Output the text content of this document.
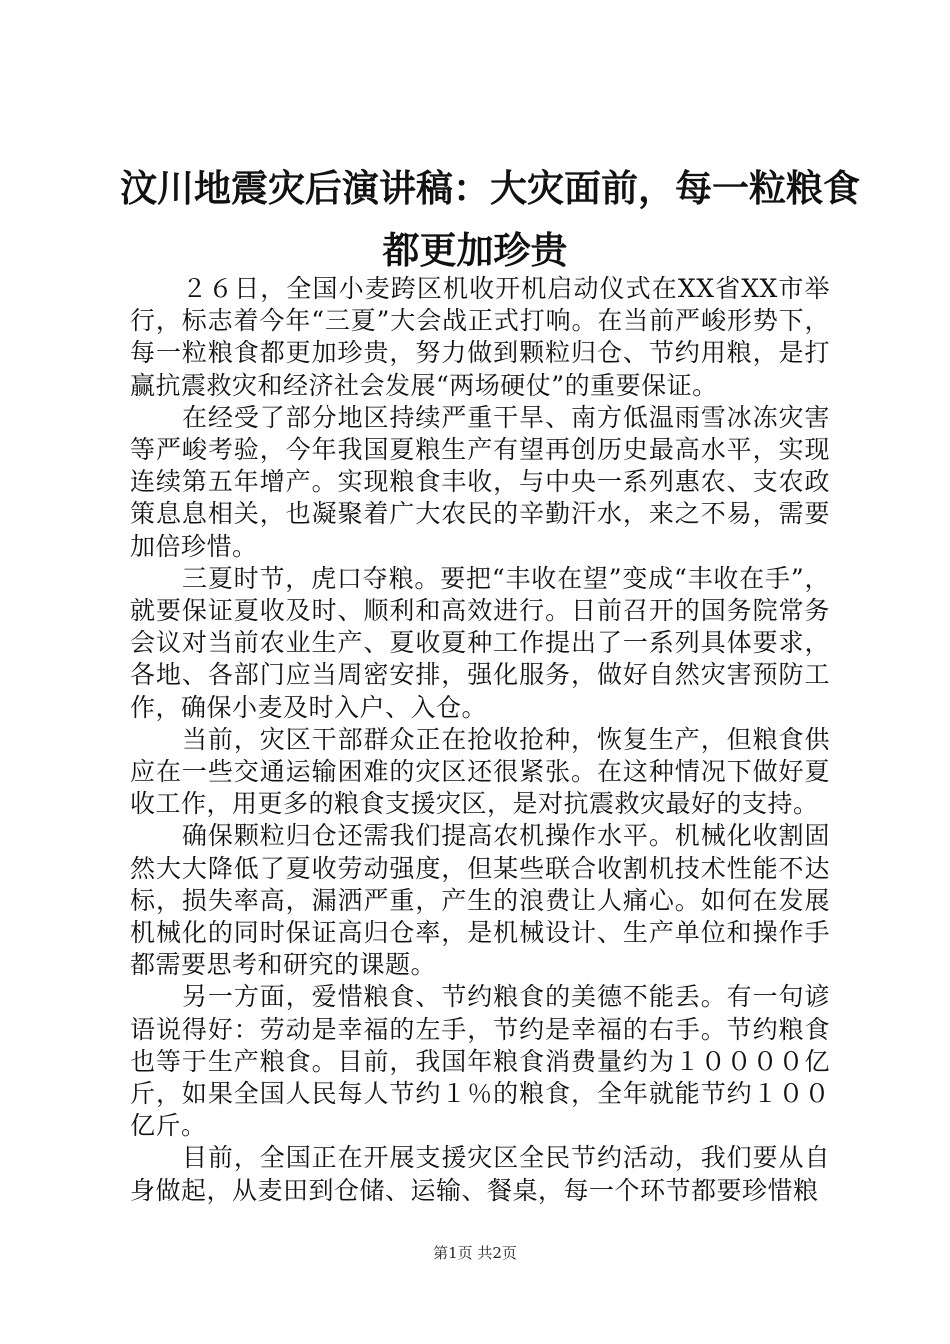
汶川地震灾后演讲稿：大灾面前，每一粒粮食
都更加珍贵

２６日，全国小麦跨区机收开机启动仪式在XX省XX市举行，标志着今年“三夏”大会战正式打响。在当前严峻形势下，每一粒粮食都更加珍贵，努力做到颗粒归仓、节约用粮，是打赢抗震救灾和经济社会发展“两场硬仗”的重要保证。

在经受了部分地区持续严重干旱、南方低温雨雪冰冻灾害等严峻考验，今年我国夏粮生产有望再创历史最高水平，实现连续第五年增产。实现粮食丰收，与中央一系列惠农、支农政策息息相关，也凝聚着广大农民的辛勤汗水，来之不易，需要加倍珍惜。

三夏时节，虎口夺粮。要把“丰收在望”变成“丰收在手”，就要保证夏收及时、顺利和高效进行。日前召开的国务院常务会议对当前农业生产、夏收夏种工作提出了一系列具体要求，各地、各部门应当周密安排，强化服务，做好自然灾害预防工作，确保小麦及时入户、入仓。

当前，灾区干部群众正在抢收抢种，恢复生产，但粮食供应在一些交通运输困难的灾区还很紧张。在这种情况下做好夏收工作，用更多的粮食支援灾区，是对抗震救灾最好的支持。

确保颗粒归仓还需我们提高农机操作水平。机械化收割固然大大降低了夏收劳动强度，但某些联合收割机技术性能不达标，损失率高，漏洒严重，产生的浪费让人痛心。如何在发展机械化的同时保证高归仓率，是机械设计、生产单位和操作手都需要思考和研究的课题。

另一方面，爱惜粮食、节约粮食的美德不能丢。有一句谚语说得好：劳动是幸福的左手，节约是幸福的右手。节约粮食也等于生产粮食。目前，我国年粮食消费量约为１００００亿斤，如果全国人民每人节约１％的粮食，全年就能节约１００亿斤。

目前，全国正在开展支援灾区全民节约活动，我们要从自身做起，从麦田到仓储、运输、餐桌，每一个环节都要珍惜粮

第1页 共2页
